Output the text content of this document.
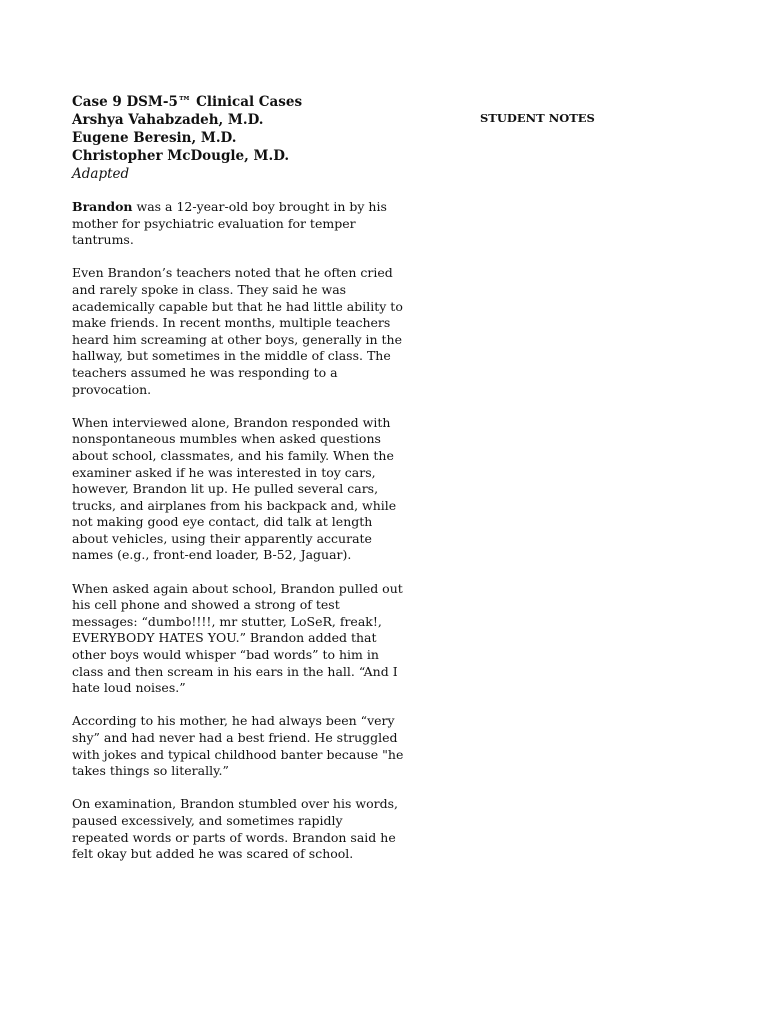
Case 9 DSM-5™ Clinical Cases
Arshya Vahabzadeh, M.D.
Eugene Beresin, M.D.
Christopher McDougle, M.D.
Adapted
Brandon was a 12-year-old boy brought in by his
mother for psychiatric evaluation for temper
tantrums.
Even Brandon’s teachers noted that he often cried
and rarely spoke in class. They said he was
academically capable but that he had little ability to
make friends. In recent months, multiple teachers
heard him screaming at other boys, generally in the
hallway, but sometimes in the middle of class. The
teachers assumed he was responding to a
provocation.
When interviewed alone, Brandon responded with
nonspontaneous mumbles when asked questions
about school, classmates, and his family. When the
examiner asked if he was interested in toy cars,
however, Brandon lit up. He pulled several cars,
trucks, and airplanes from his backpack and, while
not making good eye contact, did talk at length
about vehicles, using their apparently accurate
names (e.g., front-end loader, B-52, Jaguar).
When asked again about school, Brandon pulled out
his cell phone and showed a strong of test
messages: “dumbo!!!!, mr stutter, LoSeR, freak!,
EVERYBODY HATES YOU.” Brandon added that
other boys would whisper “bad words” to him in
class and then scream in his ears in the hall. “And I
hate loud noises.”
According to his mother, he had always been “very
shy” and had never had a best friend. He struggled
with jokes and typical childhood banter because "he
takes things so literally.”
On examination, Brandon stumbled over his words,
paused excessively, and sometimes rapidly
repeated words or parts of words. Brandon said he
felt okay but added he was scared of school.
STUDENT NOTES
